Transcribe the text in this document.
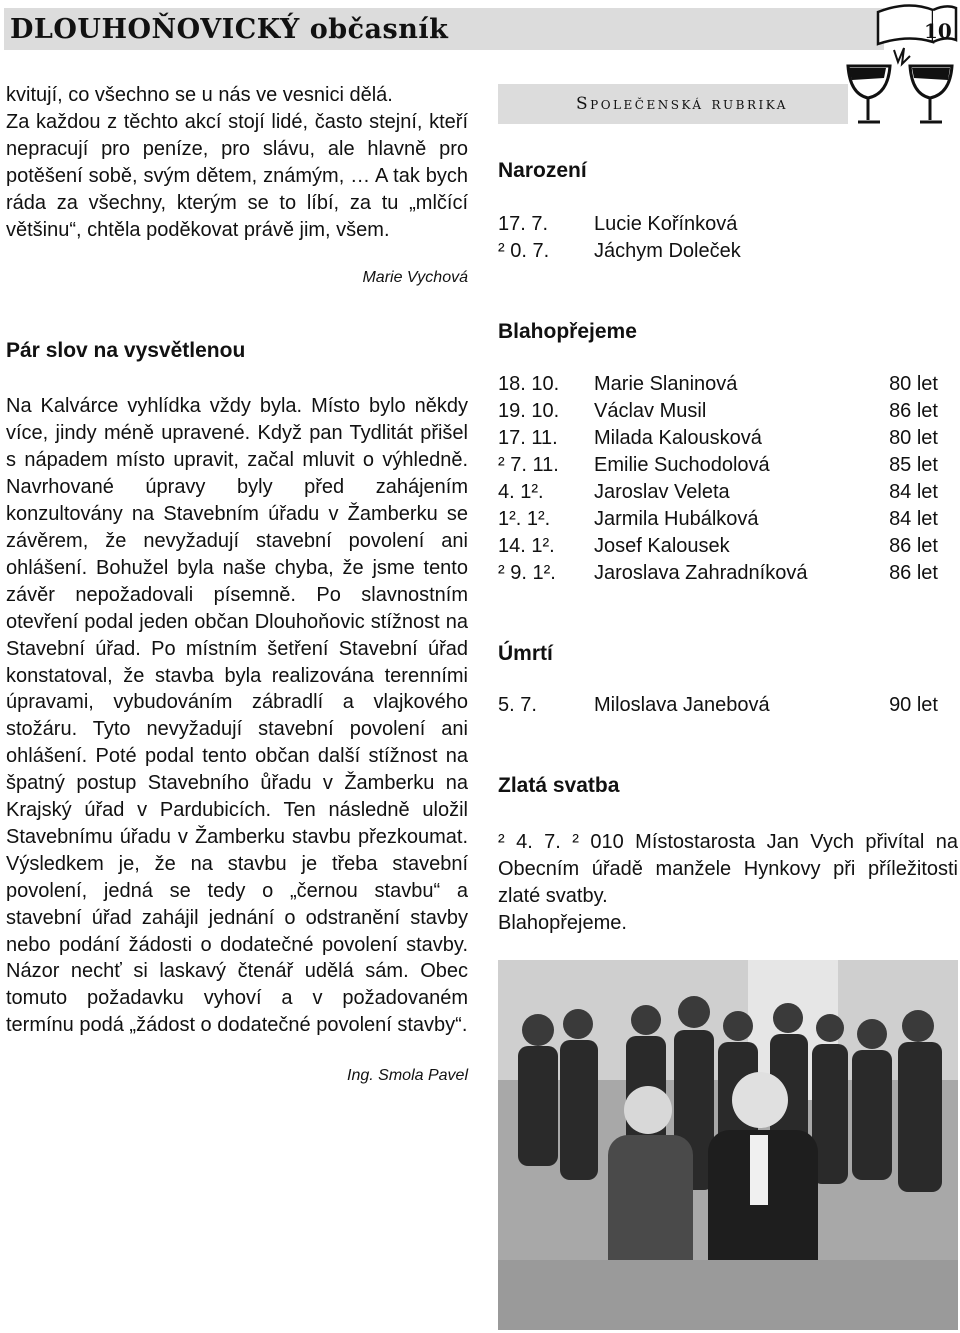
DLOUHOŇOVICKÝ občasník	10

kvitují, co všechno se u nás ve vesnici dělá.
Za každou z těchto akcí stojí lidé, často stejní, kteří nepracují pro peníze, pro slávu, ale hlavně pro potěšení sobě, svým dětem, známým, … A tak bych ráda za všechny, kterým se to líbí, za tu „mlčící většinu“, chtěla poděkovat právě jim, všem.

Marie Vychová

Pár slov na vysvětlenou

Na Kalvárce vyhlídka vždy byla. Místo bylo někdy více, jindy méně upravené. Když pan Tydlitát přišel s nápadem místo upravit, začal mluvit o výhledně. Navrhované úpravy byly před zahájením konzultovány na Stavebním úřadu v Žamberku se závěrem, že nevyžadují stavební povolení ani ohlášení. Bohužel byla naše chyba, že jsme tento závěr nepožadovali písemně. Po slavnostním otevření podal jeden občan Dlouhoňovic stížnost na Stavební úřad. Po místním šetření Stavební úřad konstatoval, že stavba byla realizována terenními úpravami, vybudováním zábradlí a vlajkového stožáru. Tyto nevyžadují stavební povolení ani ohlášení. Poté podal tento občan další stížnost na špatný postup Stavebního ůřadu v Žamberku na Krajský úřad v Pardubicích. Ten následně uložil Stavebnímu úřadu v Žamberku stavbu přezkoumat. Výsledkem je, že na stavbu je třeba stavební povolení, jedná se tedy o „černou stavbu“ a stavební úřad zahájil jednání o odstranění stavby nebo podání žádosti o dodatečné povolení stavby. Názor nechť si laskavý čtenář udělá sám. Obec tomuto požadavku vyhoví a v požadovaném termínu podá „žádost o dodatečné povolení stavby“.

Ing. Smola Pavel

Společenská rubrika
Narození
17. 7. Lucie Kořínková
² 0. 7. Jáchym Doleček
Blahopřejeme
18. 10. Marie Slaninová	80 let
19. 10. Václav Musil	86 let
17. 11. Milada Kalousková	80 let
² 7. 11. Emilie Suchodolová	85 let
4. 1².	Jaroslav Veleta	84 let
1². 1². Jarmila Hubálková	84 let
14. 1². Josef Kalousek	86 let
² 9. 1². Jaroslava Zahradníková	86 let
Úmrtí
5. 7.	Miloslava Janebová	90 let
Zlatá svatba
² 4. 7. ² 010 Místostarosta Jan Vych přivítal na Obecním úřadě manžele Hynkovy při příležitosti zlaté svatby.
Blahopřejeme.
